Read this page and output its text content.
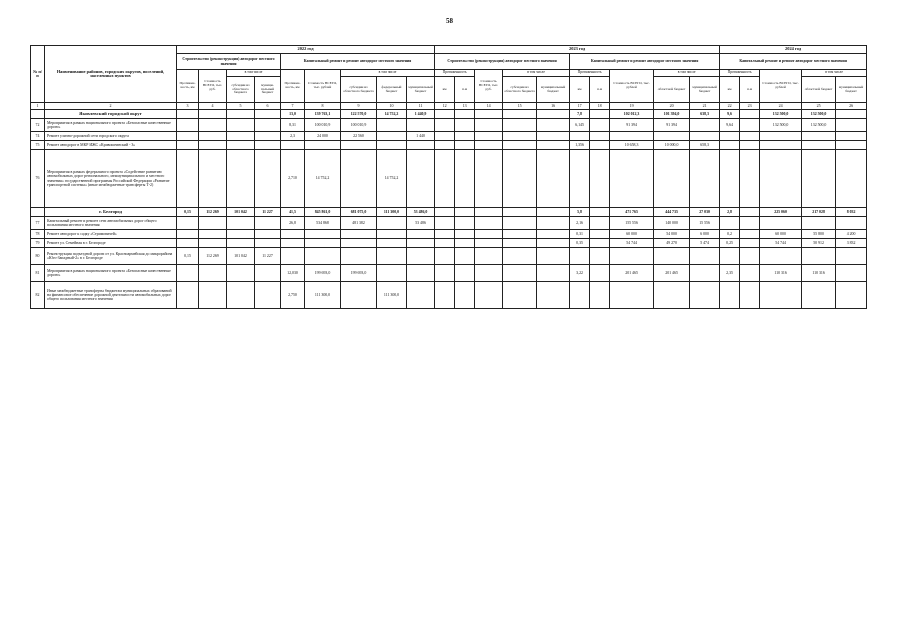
58
№ п/п	Наименование районов, городских округов, поселений, населенных пунктов	2022 год									2023 год										2024 год				
		Строительство (реконструкция) автодорог местного значения				Капитальный ремонт и ремонт автодорог местного значения					Строительство (реконструкция) автодорог местного значения					Капитальный ремонт и ремонт автодорог местного значения					Капитальный ремонт и ремонт автодорог местного значения				
		Протяженность, км	Стоимость ВСЕГО, тыс. руб.	в том числе		Протяженность, км	Стоимость ВСЕГО, тыс. рублей	в том числе			Протяженность		Стоимость ВСЕГО, тыс. руб.	в том числе		Протяженность		Стоимость ВСЕГО, тыс. рублей	в том числе		Протяженность		Стоимость ВСЕГО, тыс. рублей	в том числе	
				субсидии из областного бюджета	муниципальный бюджет			субсидии из областного бюджета	федеральный бюджет	муниципальный бюджет	км	п.м		субсидии из областного бюджета	муниципальный бюджет	км	п.м		областной бюджет	муниципальный бюджет	км	п.м		областной бюджет	муниципальный бюджет
1	2	3	4	5	6	7	8	9	10	11	12	13	14	15	16	17	18	19	20	21	22	23	24	25	26
	Яковлевский городской округ					13,0	139 763,1	122 570,0	14 752,2	1 440,9						7,8		102 012,3	101 394,0	638,3	9,6		132 500,0	132 500,0	
72	Мероприятия в рамках национального проекта «Безопасные качественные дороги»					8,31	100 010,9	100 010,9								6,145		91 394	91 394		9,64		132 500,0	132 500,0	
74	Ремонт улично-дорожной сети городского округа					2,3	24 000	22 560		1 440															
75	Ремонт автодорог в МКР ИЖС «Кривошеинский - 3»															1,356		10 658,3	10 000,0	658,3					
76	Мероприятия в рамках федерального проекта «Содействие развитию автомобильных дорог регионального, межмуниципального и местного значения» государственной программы Российской Федерации «Развитие транспортной системы» (иные межбюджетные трансферты Т-2)					2,710	14 752,2		14 752,2																
	г. Белгород	0,15	112 269	101 042	11 227	41,5	845 861,0	681 075,0	111 300,0	53 486,0						5,8		471 765	444 735	27 030	2,8		225 060	217 028	8 032
77	Капитальный ремонт и ремонт сети автомобильных дорог общего пользования местного значения					26,8	534 868	481 382		53 486						2,16		155 556	140 000	15 556					
78	Ремонт автодорог к садку «Стримовичей»															0,31		60 000	54 000	6 000	0,2		60 000	55 800	4 200
79	Ремонт ул. Семейная в г. Белгороде															0,35		54 744	49 270	5 474	0,25		54 744	50 912	3 832
80	Реконструкция подъездной дороги от ул. Красноармейская до микрорайона «Юго-Западный-2» в г. Белгороде	0,15	112 269	101 042	11 227																				
81	Мероприятия в рамках национального проекта «Безопасные качественные дороги»					12,030	199 693,0	199 693,0								3,22		201 465	201 465		2,35		110 316	110 316	
82	Иные межбюджетные трансферты бюджетам муниципальных образований на финансовое обеспечение дорожной деятельности автомобильных дорог общего пользования местного значения					2,750	111 300,0		111 300,0																
